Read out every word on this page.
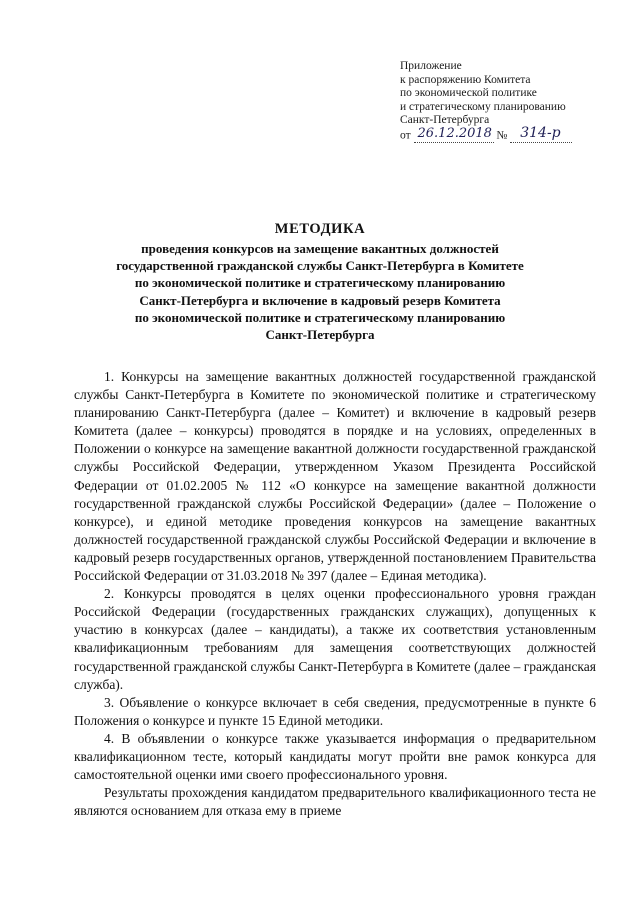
Приложение
к распоряжению Комитета
по экономической политике
и стратегическому планированию
Санкт-Петербурга
от 26.12.2018 № 314-р
МЕТОДИКА
проведения конкурсов на замещение вакантных должностей
государственной гражданской службы Санкт-Петербурга в Комитете
по экономической политике и стратегическому планированию
Санкт-Петербурга и включение в кадровый резерв Комитета
по экономической политике и стратегическому планированию
Санкт-Петербурга

1. Конкурсы на замещение вакантных должностей государственной гражданской службы Санкт-Петербурга в Комитете по экономической политике и стратегическому планированию Санкт-Петербурга (далее – Комитет) и включение в кадровый резерв Комитета (далее – конкурсы) проводятся в порядке и на условиях, определенных в Положении о конкурсе на замещение вакантной должности государственной гражданской службы Российской Федерации, утвержденном Указом Президента Российской Федерации от 01.02.2005 № 112 «О конкурсе на замещение вакантной должности государственной гражданской службы Российской Федерации» (далее – Положение о конкурсе), и единой методике проведения конкурсов на замещение вакантных должностей государственной гражданской службы Российской Федерации и включение в кадровый резерв государственных органов, утвержденной постановлением Правительства Российской Федерации от 31.03.2018 № 397 (далее – Единая методика).

2. Конкурсы проводятся в целях оценки профессионального уровня граждан Российской Федерации (государственных гражданских служащих), допущенных к участию в конкурсах (далее – кандидаты), а также их соответствия установленным квалификационным требованиям для замещения соответствующих должностей государственной гражданской службы Санкт-Петербурга в Комитете (далее – гражданская служба).

3. Объявление о конкурсе включает в себя сведения, предусмотренные в пункте 6 Положения о конкурсе и пункте 15 Единой методики.

4. В объявлении о конкурсе также указывается информация о предварительном квалификационном тесте, который кандидаты могут пройти вне рамок конкурса для самостоятельной оценки ими своего профессионального уровня.

Результаты прохождения кандидатом предварительного квалификационного теста не являются основанием для отказа ему в приеме
